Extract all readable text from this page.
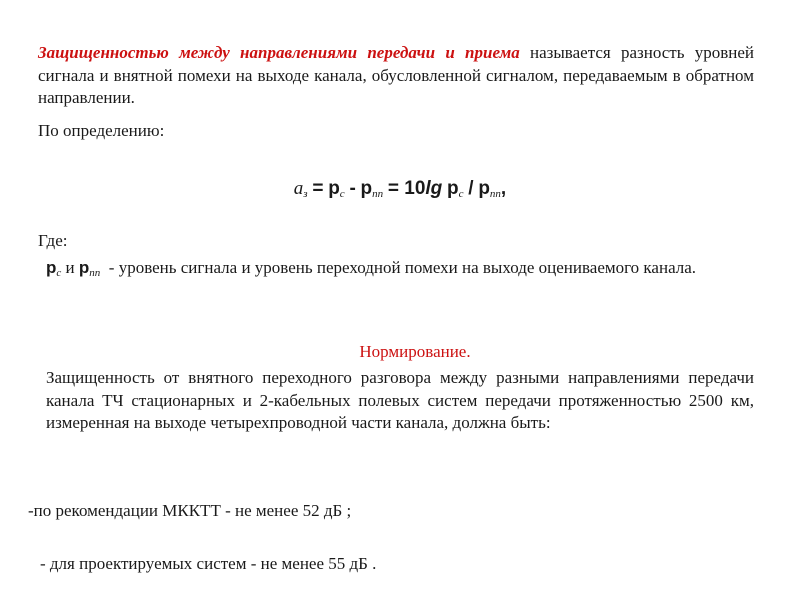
Защищенностью между направлениями передачи и приема называется разность уровней сигнала и внятной помехи на выходе канала, обусловленной сигналом, передаваемым в обратном направлении.
По определению:
$а_з = p_с - p_{пп} = 10\lg$ $p_с / p_{пп}$,
Где:
$р_с$ и $р_{пп}$ - уровень сигнала и уровень переходной помехи на выходе оцениваемого канала.
Нормирование.
Защищенность от внятного переходного разговора между разными направлениями передачи канала ТЧ стационарных и 2-кабельных полевых систем передачи протяженностью 2500 км, измеренная на выходе четырехпроводной части канала, должна быть:
-по рекомендации МККТТ - не менее 52 дБ ;
- для проектируемых систем - не менее 55 дБ .
